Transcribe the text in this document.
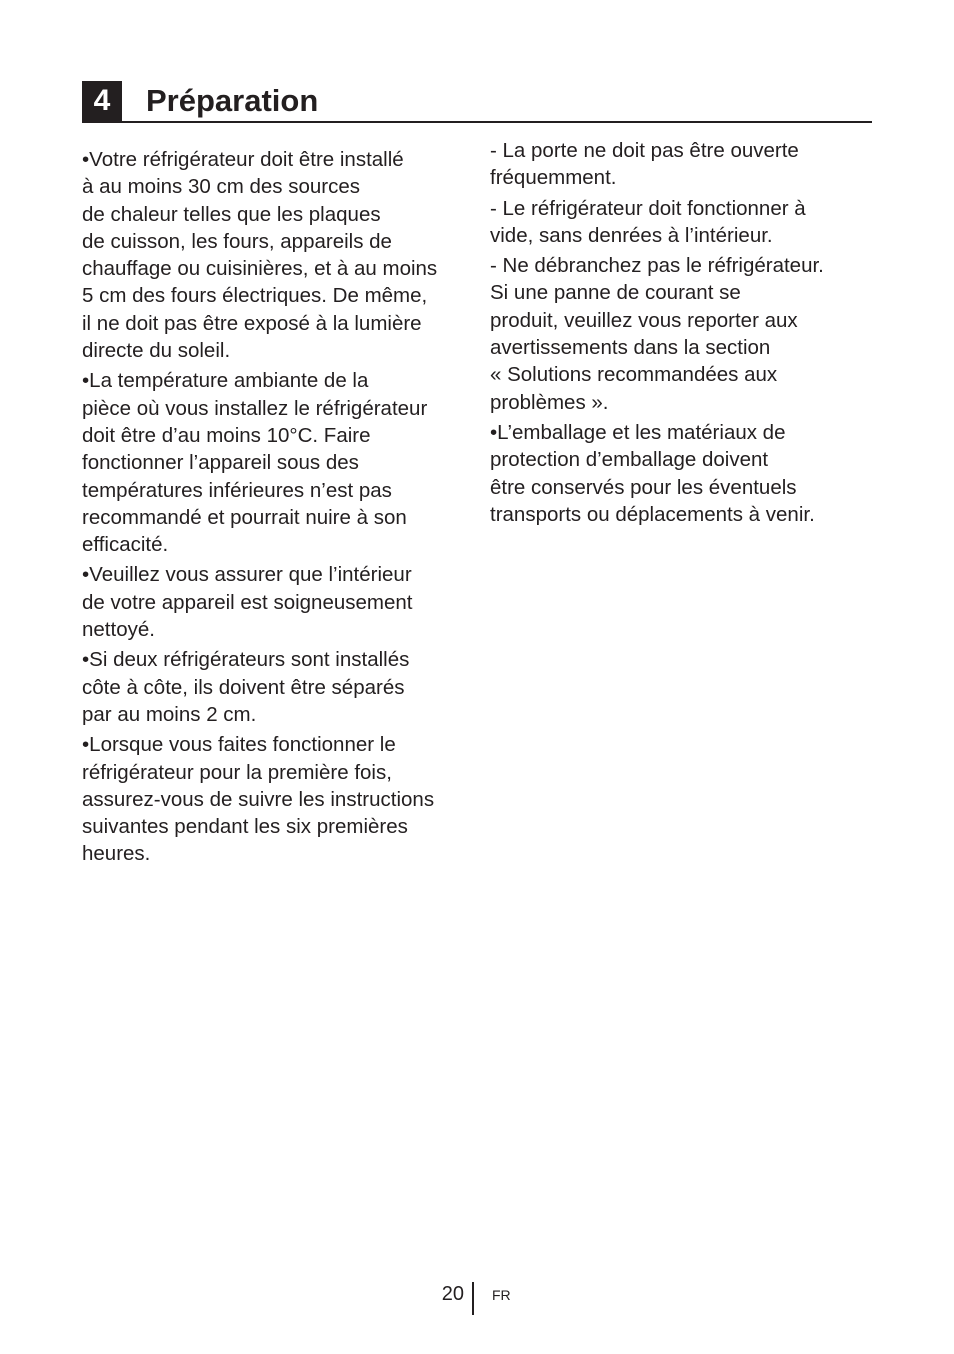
4	Préparation

•Votre réfrigérateur doit être installé
à au moins 30 cm des sources
de chaleur telles que les plaques
de cuisson, les fours, appareils de
chauffage ou cuisinières, et à au moins
5 cm des fours électriques. De même,
il ne doit pas être exposé à la lumière
directe du soleil.

•La température ambiante de la
pièce où vous installez le réfrigérateur
doit être d’au moins 10°C. Faire
fonctionner l’appareil sous des
températures inférieures n’est pas
recommandé et pourrait nuire à son
efficacité.

•Veuillez vous assurer que l’intérieur
de votre appareil est soigneusement
nettoyé.

•Si deux réfrigérateurs sont installés
côte à côte, ils doivent être séparés
par au moins 2 cm.

•Lorsque vous faites fonctionner le
réfrigérateur pour la première fois,
assurez-vous de suivre les instructions
suivantes pendant les six premières
heures.

- La porte ne doit pas être ouverte
fréquemment.

- Le réfrigérateur doit fonctionner à
vide, sans denrées à l’intérieur.

- Ne débranchez pas le réfrigérateur.
Si une panne de courant se
produit, veuillez vous reporter aux
avertissements dans la section
« Solutions recommandées aux
problèmes ».

•L’emballage et les matériaux de
protection d’emballage doivent
être conservés pour les éventuels
transports ou déplacements à venir.

20 FR
